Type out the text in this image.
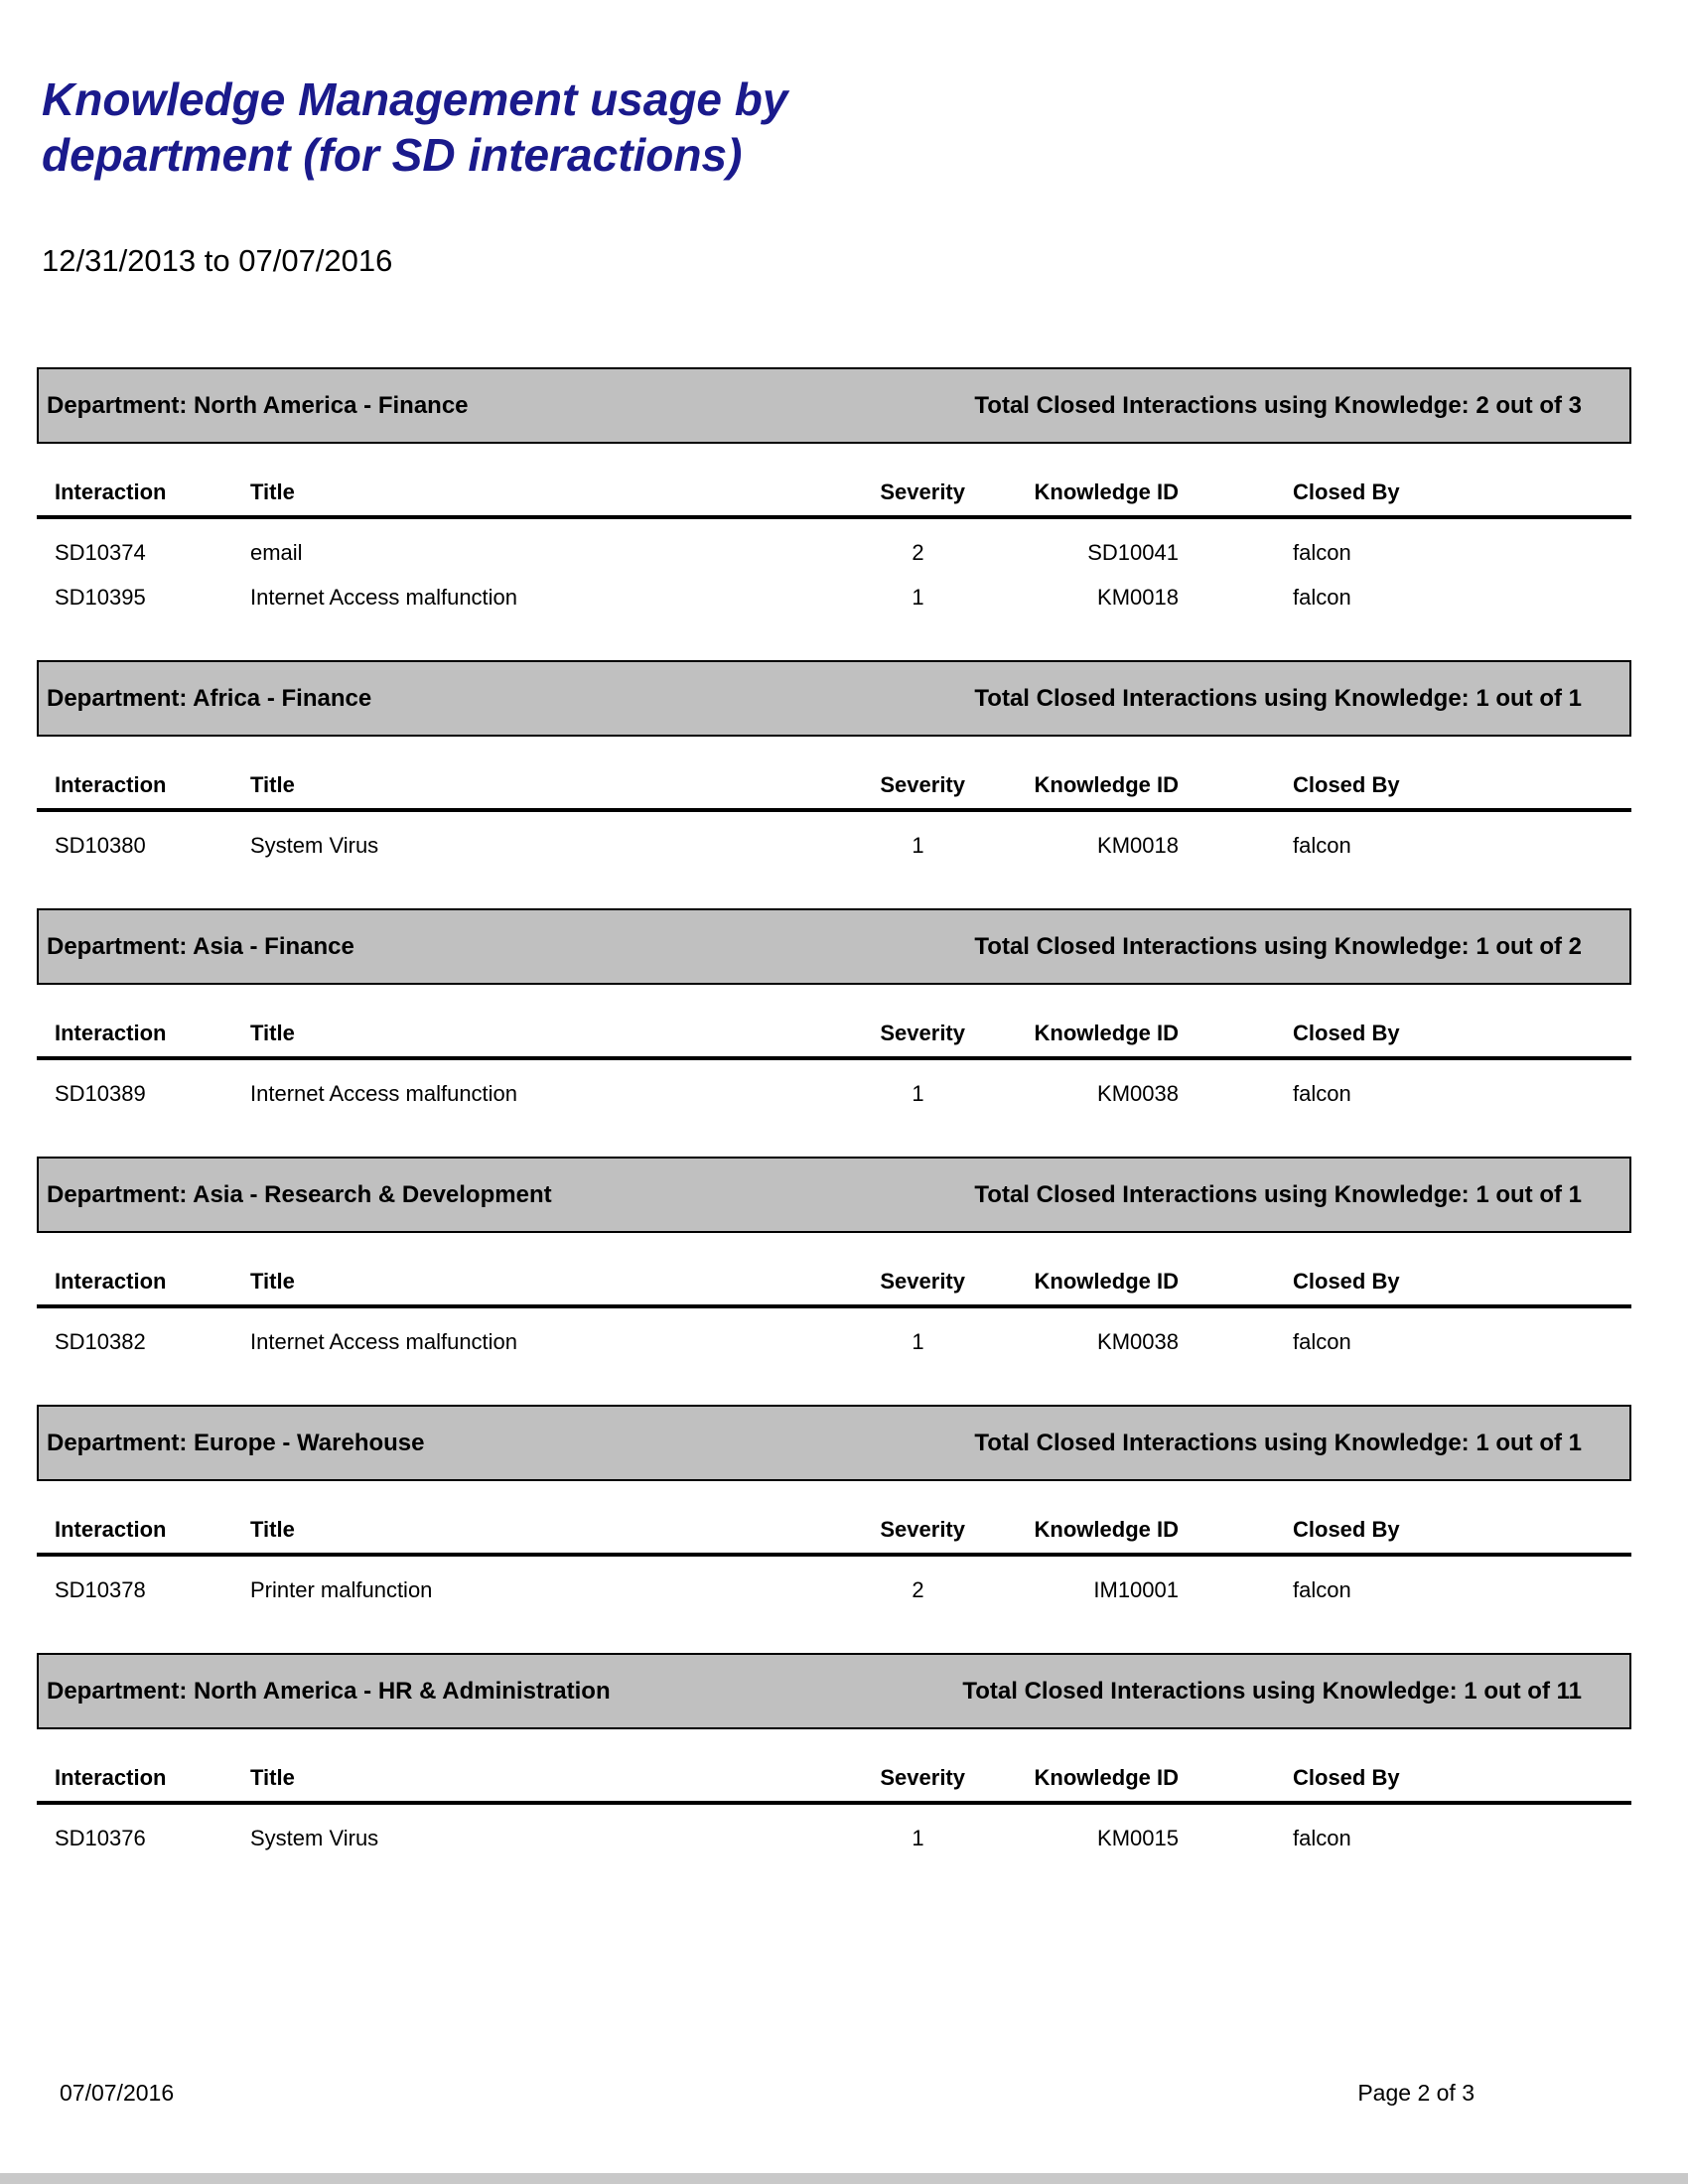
Knowledge Management usage by
department (for SD interactions)
12/31/2013 to 07/07/2016
Department: North America - Finance	Total Closed Interactions using Knowledge: 2 out of 3
Interaction	Title	Severity	Knowledge ID	Closed By
SD10374	email	2	SD10041	falcon
SD10395	Internet Access malfunction	1	KM0018	falcon
Department: Africa - Finance	Total Closed Interactions using Knowledge: 1 out of 1
Interaction	Title	Severity	Knowledge ID	Closed By
SD10380	System Virus	1	KM0018	falcon
Department: Asia - Finance	Total Closed Interactions using Knowledge: 1 out of 2
Interaction	Title	Severity	Knowledge ID	Closed By
SD10389	Internet Access malfunction	1	KM0038	falcon
Department: Asia - Research & Development	Total Closed Interactions using Knowledge: 1 out of 1
Interaction	Title	Severity	Knowledge ID	Closed By
SD10382	Internet Access malfunction	1	KM0038	falcon
Department: Europe - Warehouse	Total Closed Interactions using Knowledge: 1 out of 1
Interaction	Title	Severity	Knowledge ID	Closed By
SD10378	Printer malfunction	2	IM10001	falcon
Department: North America - HR & Administration	Total Closed Interactions using Knowledge: 1 out of 11
Interaction	Title	Severity	Knowledge ID	Closed By
SD10376	System Virus	1	KM0015	falcon
07/07/2016	Page 2 of 3
